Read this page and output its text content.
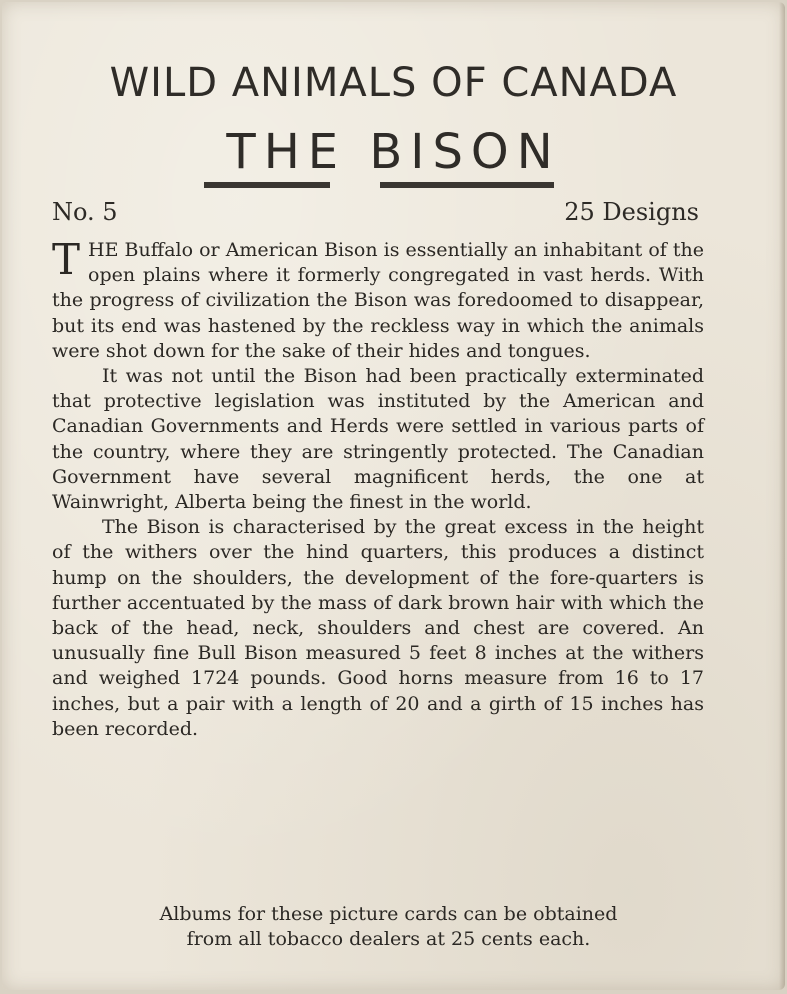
WILD ANIMALS OF CANADA
THE BISON
No. 5	25 Designs

THE Buffalo or American Bison is essentially an inhabitant of the open plains where it formerly congregated in vast herds. With the progress of civilization the Bison was foredoomed to disappear, but its end was hastened by the reckless way in which the animals were shot down for the sake of their hides and tongues.

It was not until the Bison had been practically exterminated that protective legislation was instituted by the American and Canadian Governments and Herds were settled in various parts of the country, where they are stringently protected. The Canadian Government have several magnificent herds, the one at Wainwright, Alberta being the finest in the world.

The Bison is characterised by the great excess in the height of the withers over the hind quarters, this produces a distinct hump on the shoulders, the development of the fore-quarters is further accentuated by the mass of dark brown hair with which the back of the head, neck, shoulders and chest are covered. An unusually fine Bull Bison measured 5 feet 8 inches at the withers and weighed 1724 pounds. Good horns measure from 16 to 17 inches, but a pair with a length of 20 and a girth of 15 inches has been recorded.

Albums for these picture cards can be obtained
from all tobacco dealers at 25 cents each.
